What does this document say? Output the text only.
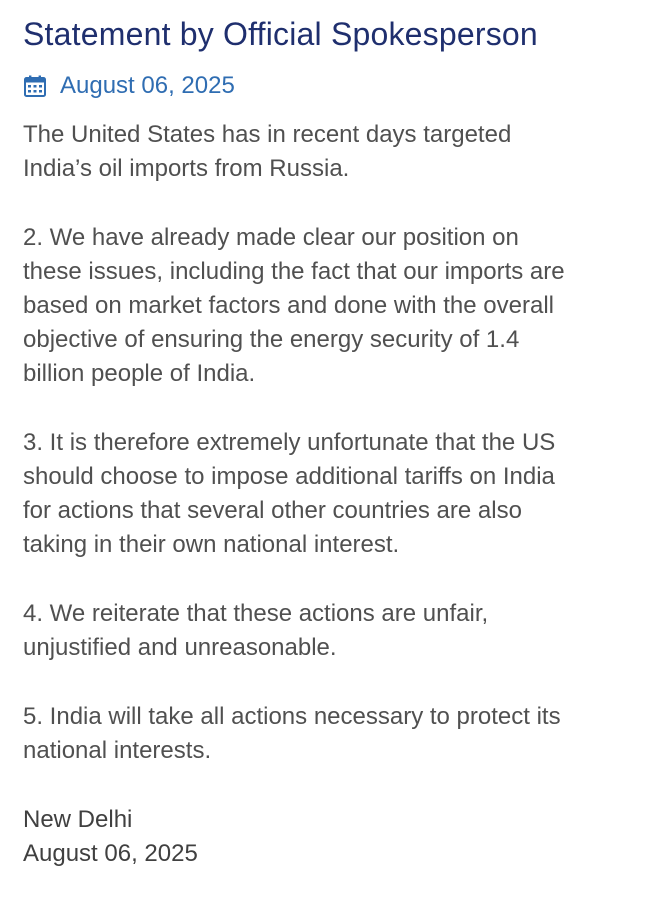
Statement by Official Spokesperson
August 06, 2025

The United States has in recent days targeted
India’s oil imports from Russia.

2. We have already made clear our position on
these issues, including the fact that our imports are
based on market factors and done with the overall
objective of ensuring the energy security of 1.4
billion people of India.

3. It is therefore extremely unfortunate that the US
should choose to impose additional tariffs on India
for actions that several other countries are also
taking in their own national interest.

4. We reiterate that these actions are unfair,
unjustified and unreasonable.

5. India will take all actions necessary to protect its
national interests.

New Delhi
August 06, 2025
